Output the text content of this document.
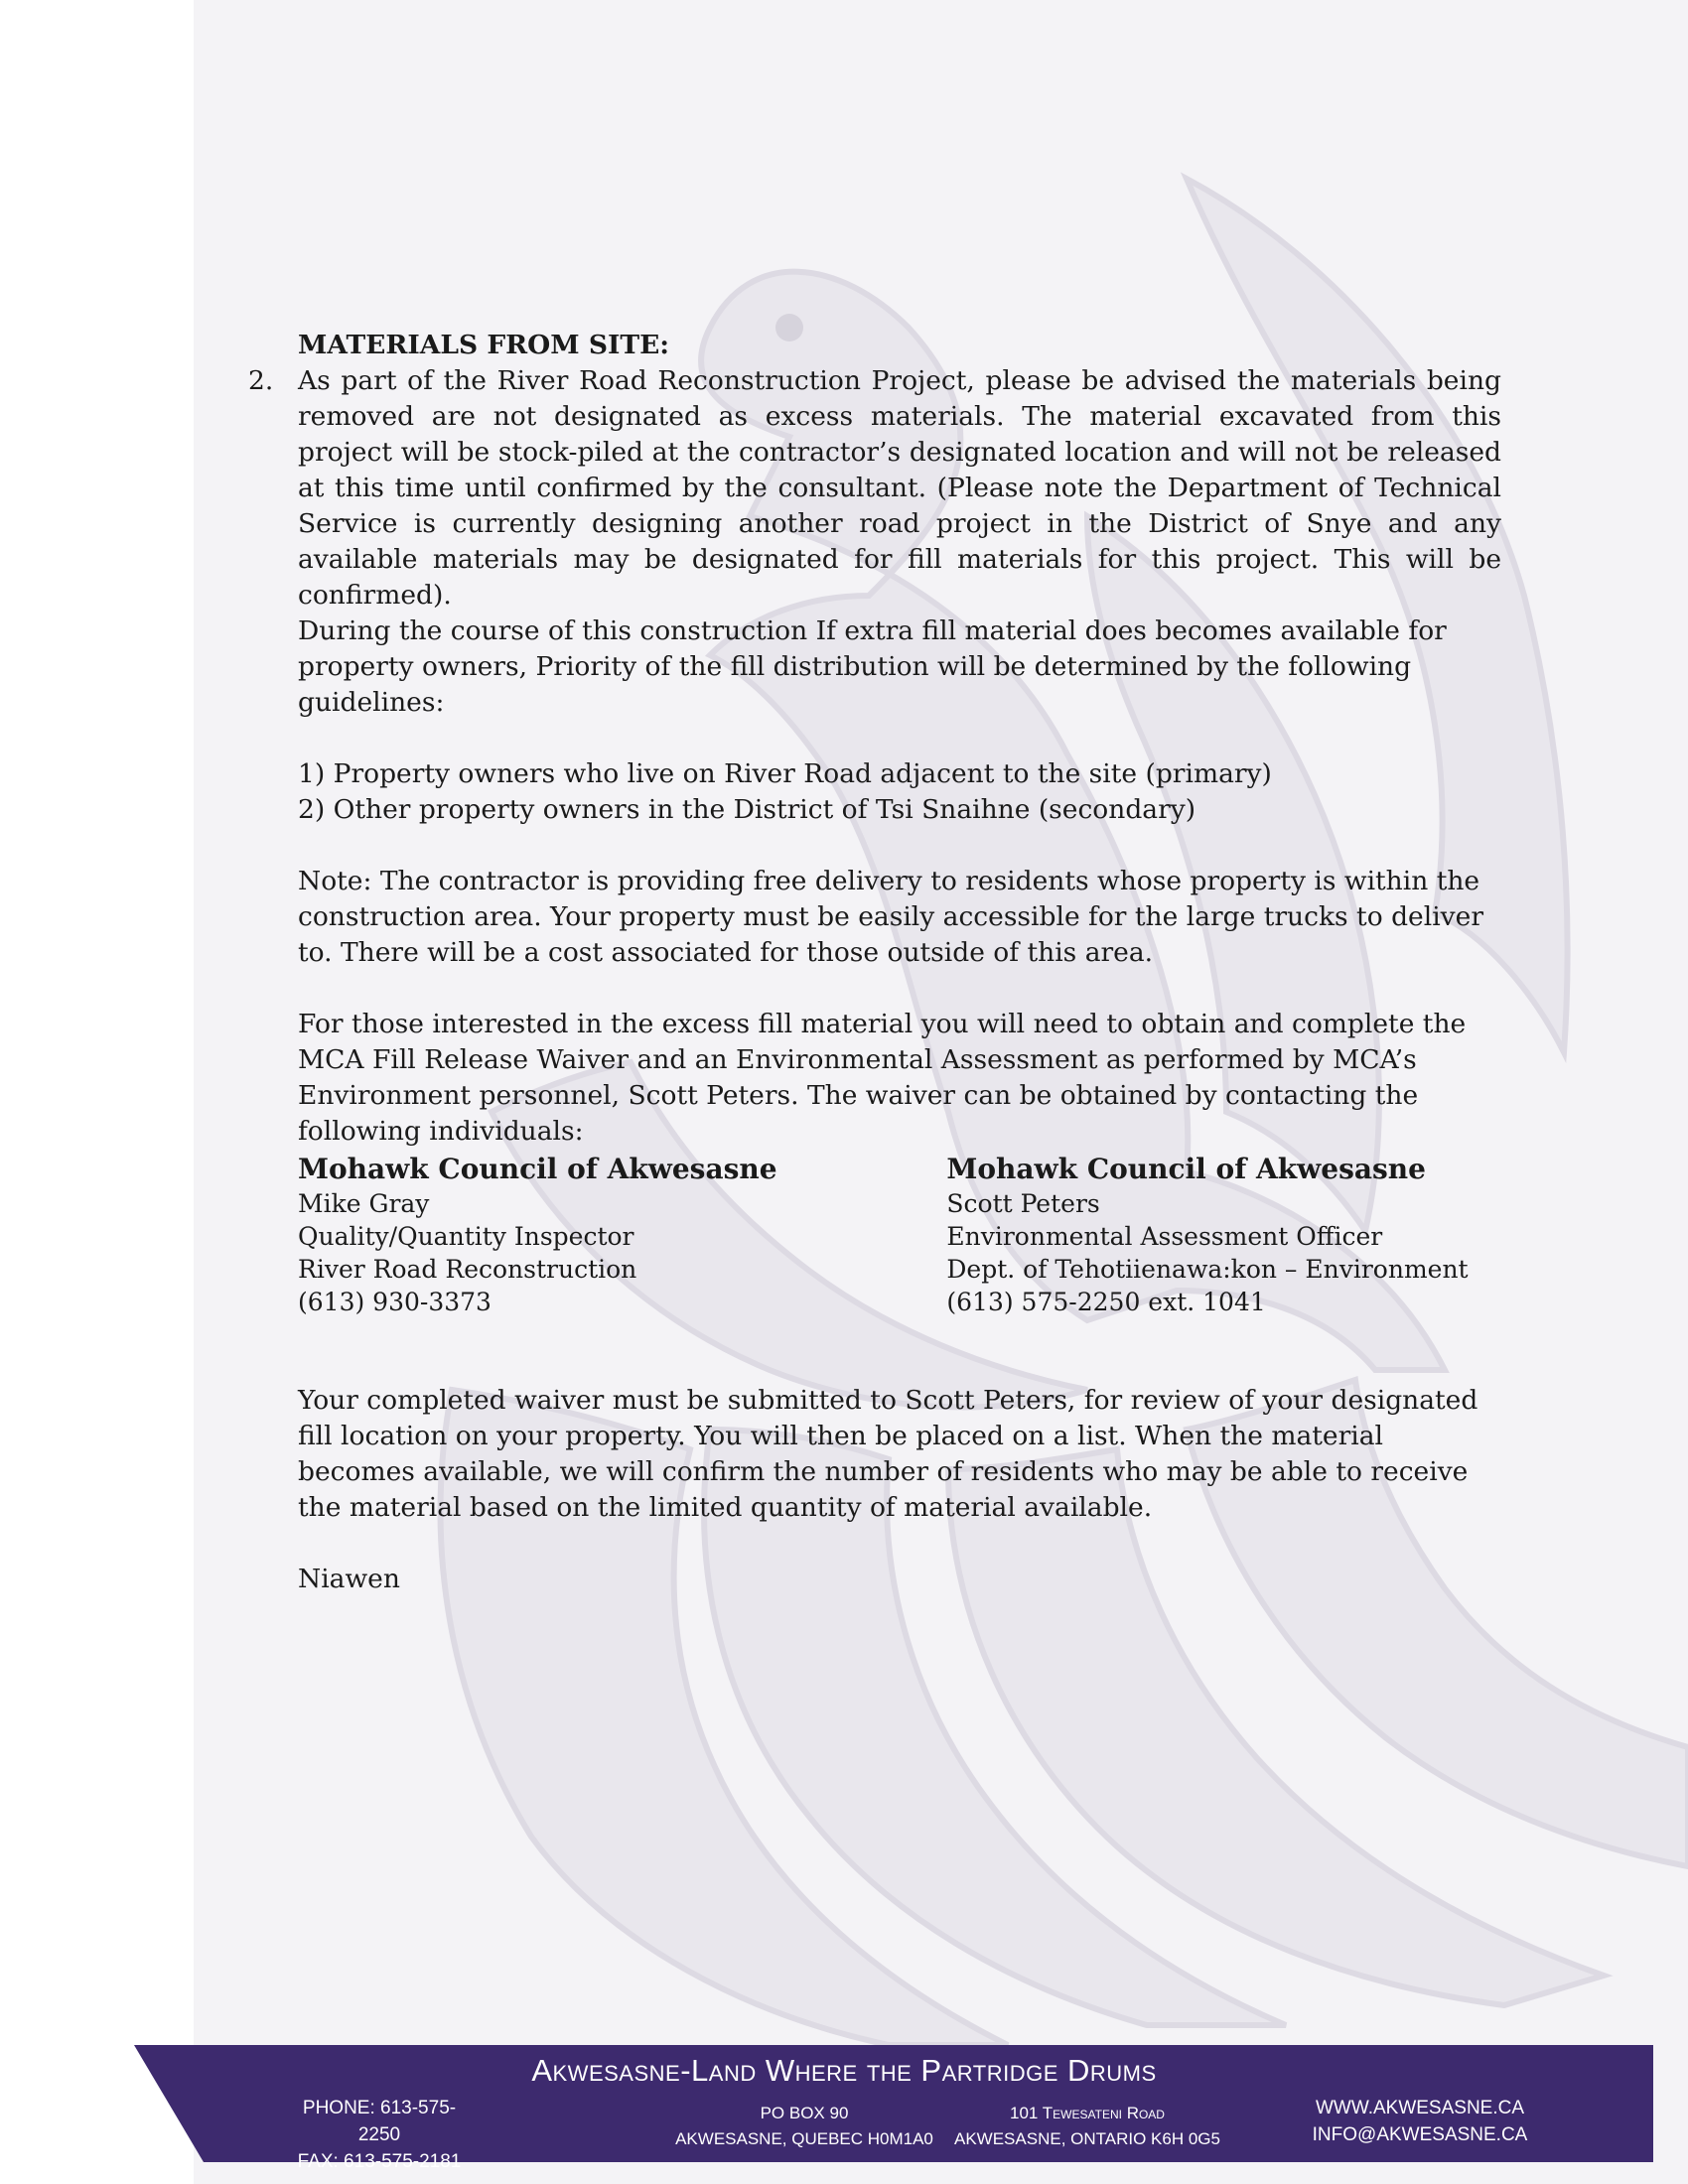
MATERIALS FROM SITE:

2. As part of the River Road Reconstruction Project, please be advised the materials being removed are not designated as excess materials. The material excavated from this project will be stock-piled at the contractor’s designated location and will not be released at this time until confirmed by the consultant. (Please note the Department of Technical Service is currently designing another road project in the District of Snye and any available materials may be designated for fill materials for this project. This will be confirmed).

During the course of this construction If extra fill material does becomes available for property owners, Priority of the fill distribution will be determined by the following guidelines:

1) Property owners who live on River Road adjacent to the site (primary)
2) Other property owners in the District of Tsi Snaihne (secondary)

Note: The contractor is providing free delivery to residents whose property is within the construction area. Your property must be easily accessible for the large trucks to deliver to. There will be a cost associated for those outside of this area.

For those interested in the excess fill material you will need to obtain and complete the MCA Fill Release Waiver and an Environmental Assessment as performed by MCA’s Environment personnel, Scott Peters. The waiver can be obtained by contacting the following individuals:

Mohawk Council of Akwesasne
Mike Gray
Quality/Quantity Inspector
River Road Reconstruction
(613) 930-3373
Mohawk Council of Akwesasne
Scott Peters
Environmental Assessment Officer
Dept. of Tehotiienawa:kon – Environment
(613) 575-2250 ext. 1041

Your completed waiver must be submitted to Scott Peters, for review of your designated fill location on your property. You will then be placed on a list. When the material becomes available, we will confirm the number of residents who may be able to receive the material based on the limited quantity of material available.

Niawen

Akwesasne-Land Where the Partridge Drums
PHONE: 613-575-2250
FAX: 613-575-2181
PO BOX 90
AKWESASNE, QUEBEC H0M1A0
101 Tewesateni Road
AKWESASNE, ONTARIO K6H 0G5
WWW.AKWESASNE.CA
INFO@AKWESASNE.CA
